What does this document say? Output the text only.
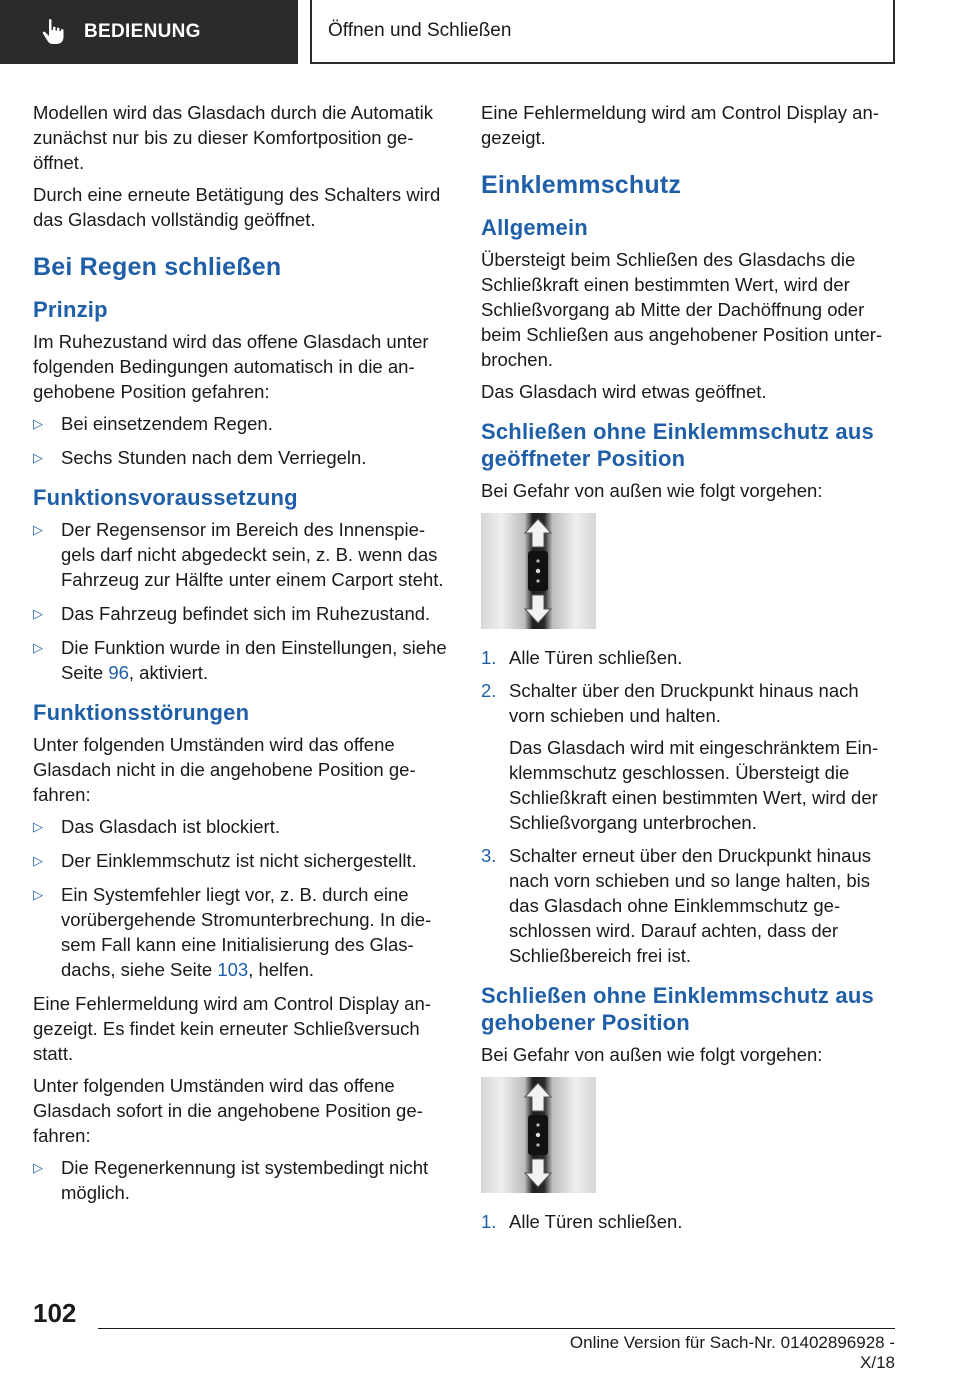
BEDIENUNG	Öffnen und Schließen

Modellen wird das Glasdach durch die Automatik zunächst nur bis zu dieser Komfortposition geöffnet.

Durch eine erneute Betätigung des Schalters wird das Glasdach vollständig geöffnet.

Bei Regen schließen
Prinzip

Im Ruhezustand wird das offene Glasdach unter folgenden Bedingungen automatisch in die angehobene Position gefahren:

▷ Bei einsetzendem Regen.
▷ Sechs Stunden nach dem Verriegeln.
Funktionsvoraussetzung
▷ Der Regensensor im Bereich des Innenspiegels darf nicht abgedeckt sein, z. B. wenn das Fahrzeug zur Hälfte unter einem Carport steht.
▷ Das Fahrzeug befindet sich im Ruhezustand.
▷ Die Funktion wurde in den Einstellungen, siehe Seite 96, aktiviert.
Funktionsstörungen

Unter folgenden Umständen wird das offene Glasdach nicht in die angehobene Position gefahren:

▷ Das Glasdach ist blockiert.
▷ Der Einklemmschutz ist nicht sichergestellt.
▷ Ein Systemfehler liegt vor, z. B. durch eine vorübergehende Stromunterbrechung. In diesem Fall kann eine Initialisierung des Glasdachs, siehe Seite 103, helfen.

Eine Fehlermeldung wird am Control Display angezeigt. Es findet kein erneuter Schließversuch statt.

Unter folgenden Umständen wird das offene Glasdach sofort in die angehobene Position gefahren:

▷ Die Regenerkennung ist systembedingt nicht möglich.

Eine Fehlermeldung wird am Control Display angezeigt.

Einklemmschutz
Allgemein

Übersteigt beim Schließen des Glasdachs die Schließkraft einen bestimmten Wert, wird der Schließvorgang ab Mitte der Dachöffnung oder beim Schließen aus angehobener Position unterbrochen.

Das Glasdach wird etwas geöffnet.

Schließen ohne Einklemmschutz aus geöffneter Position

Bei Gefahr von außen wie folgt vorgehen:

1. Alle Türen schließen.
2. Schalter über den Druckpunkt hinaus nach vorn schieben und halten.
Das Glasdach wird mit eingeschränktem Einklemmschutz geschlossen. Übersteigt die Schließkraft einen bestimmten Wert, wird der Schließvorgang unterbrochen.
3. Schalter erneut über den Druckpunkt hinaus nach vorn schieben und so lange halten, bis das Glasdach ohne Einklemmschutz geschlossen wird. Darauf achten, dass der Schließbereich frei ist.
Schließen ohne Einklemmschutz aus gehobener Position

Bei Gefahr von außen wie folgt vorgehen:

1. Alle Türen schließen.
102
Online Version für Sach-Nr. 01402896928 - X/18
